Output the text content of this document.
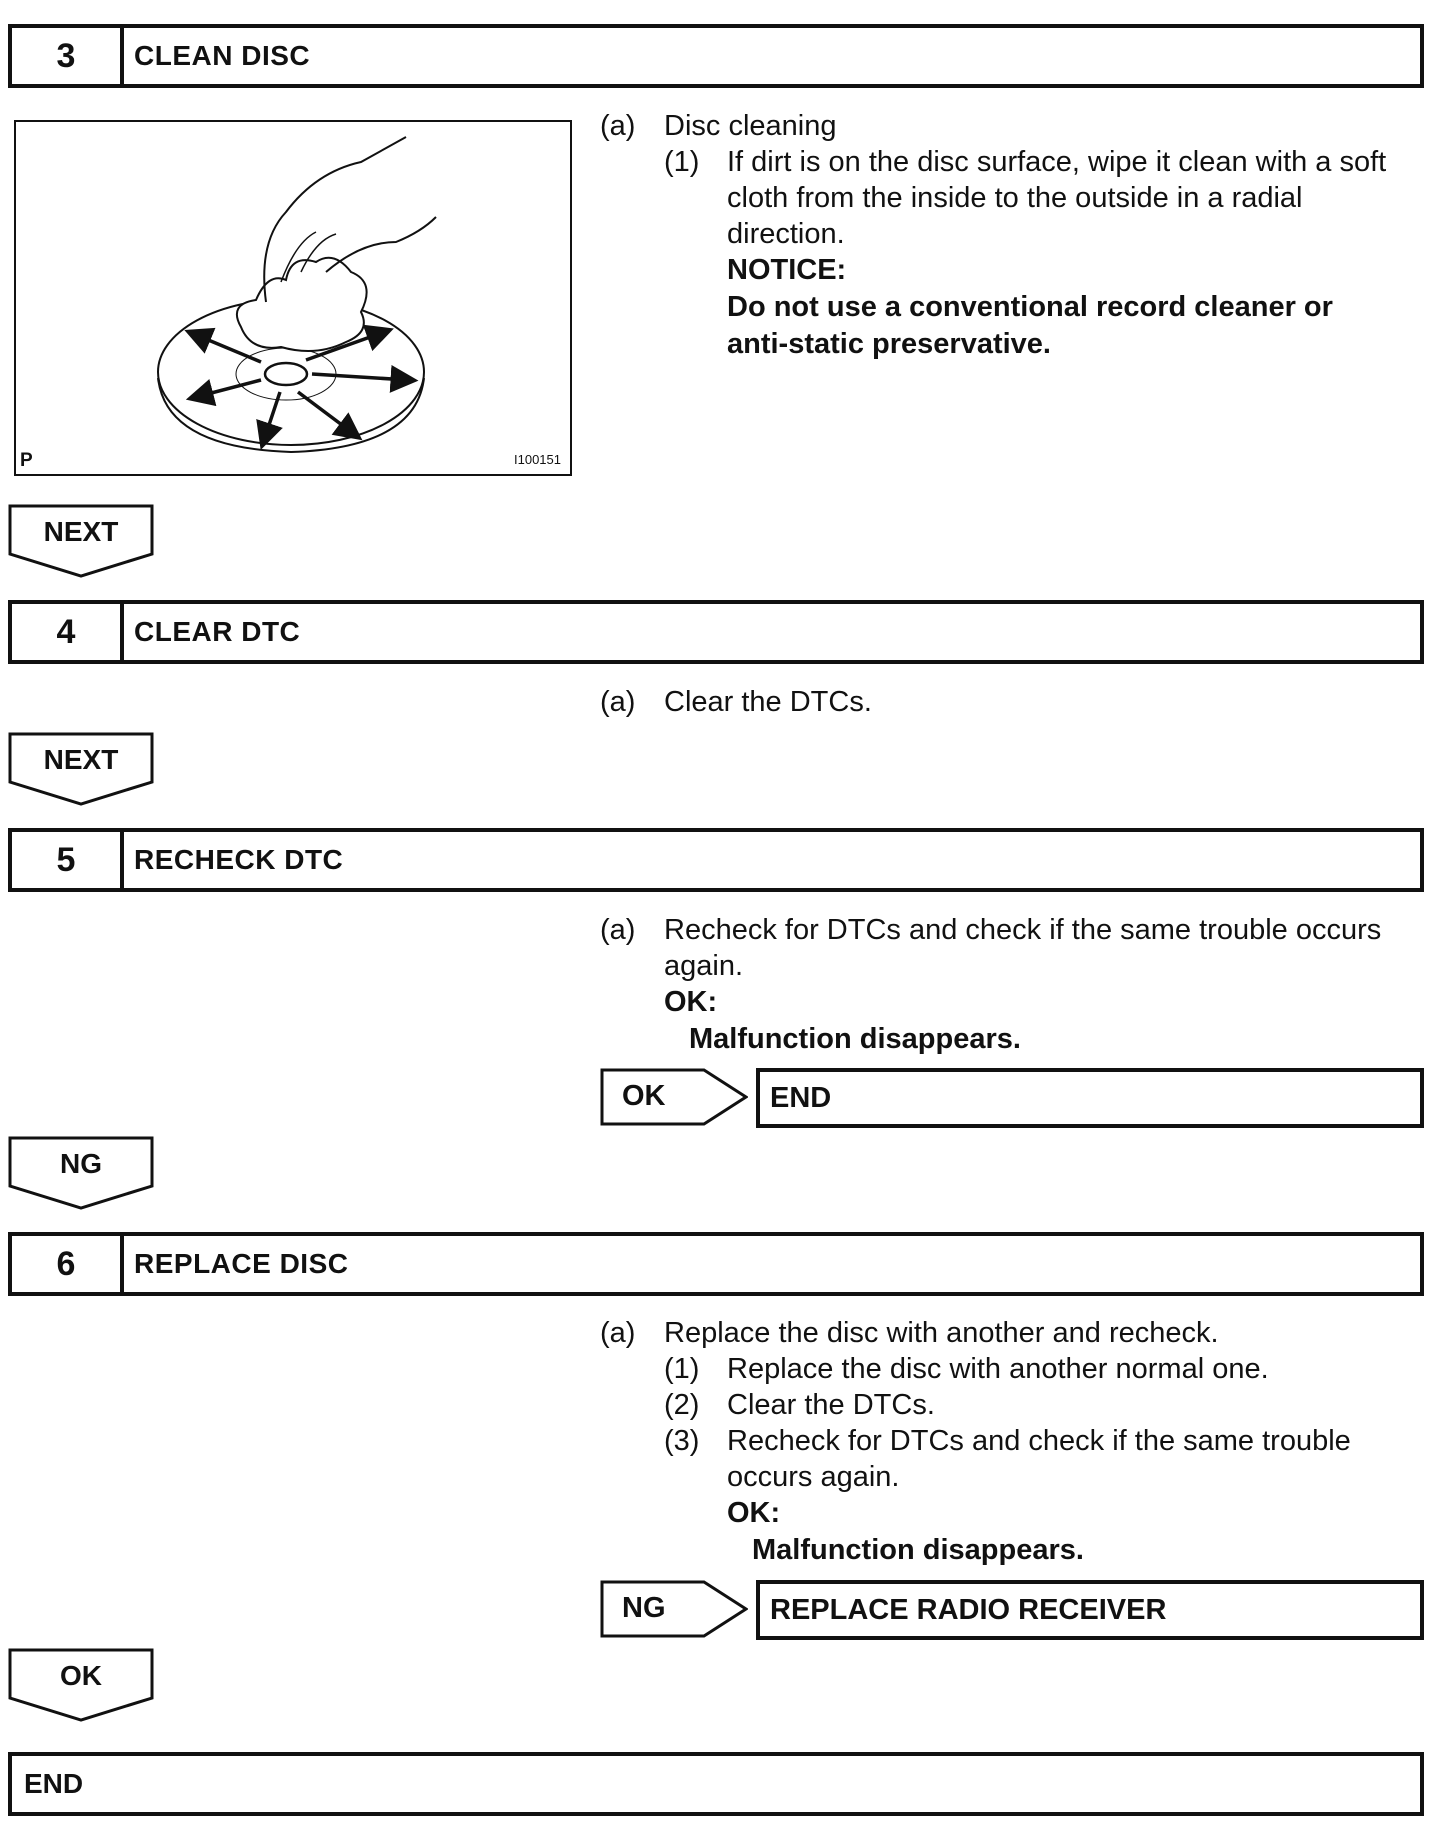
3	CLEAN DISC
P	I100151
(a) Disc cleaning
(1) If dirt is on the disc surface, wipe it clean with a soft
cloth from the inside to the outside in a radial
direction.
NOTICE:
Do not use a conventional record cleaner or
anti-static preservative.
NEXT
4	CLEAR DTC
(a) Clear the DTCs.
NEXT
5	RECHECK DTC
(a) Recheck for DTCs and check if the same trouble occurs
again.
OK:
Malfunction disappears.
OK	END
NG
6	REPLACE DISC
(a) Replace the disc with another and recheck.
(1) Replace the disc with another normal one.
(2) Clear the DTCs.
(3) Recheck for DTCs and check if the same trouble
occurs again.
OK:
Malfunction disappears.
NG	REPLACE RADIO RECEIVER
OK
END
